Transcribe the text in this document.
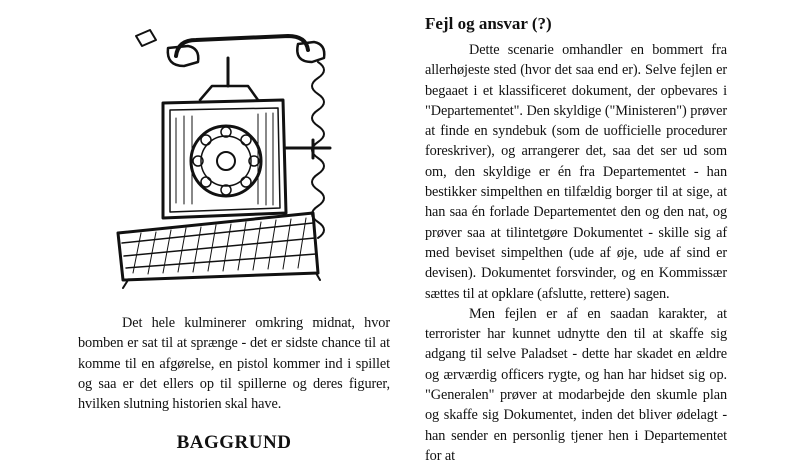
Det hele kulminerer omkring midnat, hvor bomben er sat til at sprænge - det er sidste chance til at komme til en afgørelse, en pistol kommer ind i spillet og saa er det ellers op til spillerne og deres figurer, hvilken slutning historien skal have.

BAGGRUND
Fejl og ansvar (?)

Dette scenarie omhandler en bommert fra allerhøjeste sted (hvor det saa end er). Selve fejlen er begaaet i et klassificeret dokument, der opbevares i "Departementet". Den skyldige ("Ministeren") prøver at finde en syndebuk (som de uofficielle procedurer foreskriver), og arrangerer det, saa det ser ud som om, den skyldige er én fra Departementet - han bestikker simpelthen en tilfældig borger til at sige, at han saa én forlade Departementet den og den nat, og prøver saa at tilintetgøre Dokumentet - skille sig af med beviset simpelthen (ude af øje, ude af sind er devisen). Dokumentet forsvinder, og en Kommissær sættes til at opklare (afslutte, rettere) sagen.

Men fejlen er af en saadan karakter, at terrorister har kunnet udnytte den til at skaffe sig adgang til selve Paladset - dette har skadet en ældre og ærværdig officers rygte, og han har hidset sig op. "Generalen" prøver at modarbejde den skumle plan og skaffe sig Dokumentet, inden det bliver ødelagt - han sender en personlig tjener hen i Departementet for at
